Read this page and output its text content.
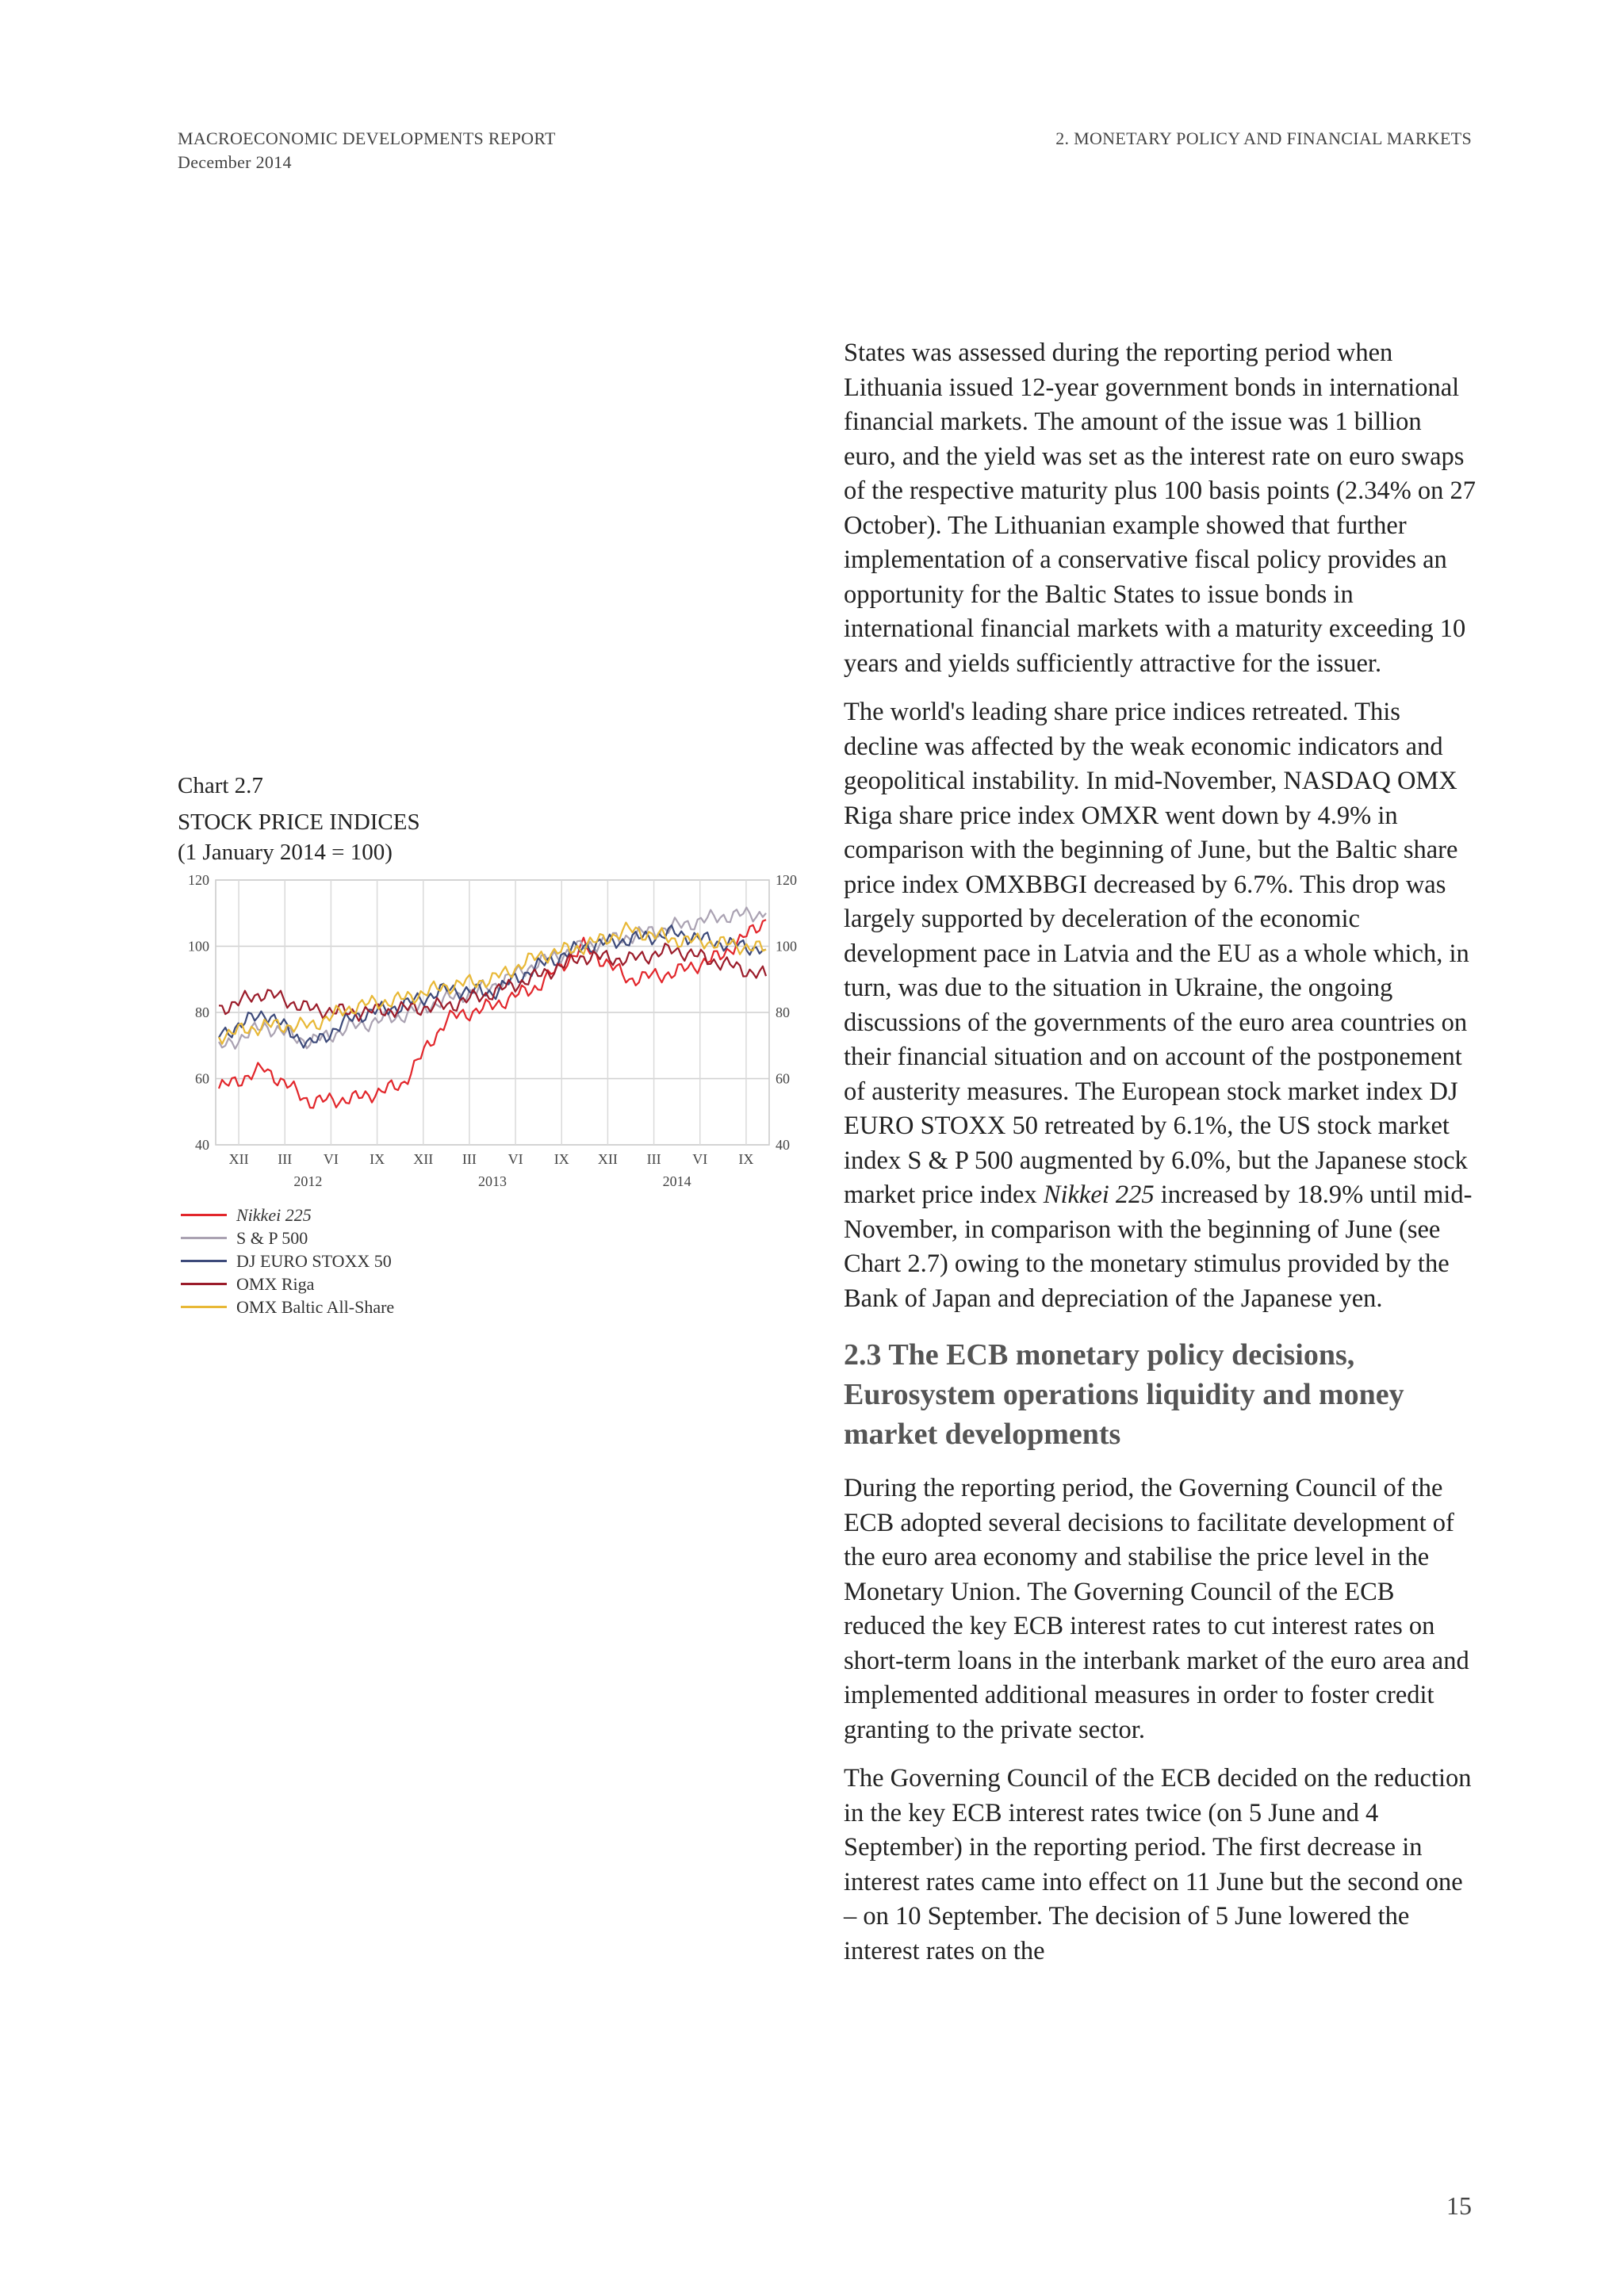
MACROECONOMIC DEVELOPMENTS REPORT
December 2014
2. MONETARY POLICY AND FINANCIAL MARKETS
Chart 2.7
STOCK PRICE INDICES
(1 January 2014 = 100)
40	40
60	60
80	80
100	100
120	120
XII III VI IX XII III VI IX XII III VI IX
2012	2013	2014
Nikkei 225
S & P 500
DJ EURO STOXX 50
OMX Riga
OMX Baltic All-Share

States was assessed during the reporting period when Lithuania issued 12-year government bonds in international financial markets. The amount of the issue was 1 billion euro, and the yield was set as the interest rate on euro swaps of the respective maturity plus 100 basis points (2.34% on 27 October). The Lithuanian example showed that further implementation of a conservative fiscal policy provides an opportunity for the Baltic States to issue bonds in international financial markets with a maturity exceeding 10 years and yields sufficiently attractive for the issuer.

The world's leading share price indices retreated. This decline was affected by the weak economic indicators and geopolitical instability. In mid-November, NASDAQ OMX Riga share price index OMXR went down by 4.9% in comparison with the beginning of June, but the Baltic share price index OMXBBGI decreased by 6.7%. This drop was largely supported by deceleration of the economic development pace in Latvia and the EU as a whole which, in turn, was due to the situation in Ukraine, the ongoing discussions of the governments of the euro area countries on their financial situation and on account of the postponement of austerity measures. The European stock market index DJ EURO STOXX 50 retreated by 6.1%, the US stock market index S & P 500 augmented by 6.0%, but the Japanese stock market price index Nikkei 225 increased by 18.9% until mid-November, in comparison with the beginning of June (see Chart 2.7) owing to the monetary stimulus provided by the Bank of Japan and depreciation of the Japanese yen.

2.3 The ECB monetary policy decisions, Eurosystem operations liquidity and money market developments

During the reporting period, the Governing Council of the ECB adopted several decisions to facilitate development of the euro area economy and stabilise the price level in the Monetary Union. The Governing Council of the ECB reduced the key ECB interest rates to cut interest rates on short-term loans in the interbank market of the euro area and implemented additional measures in order to foster credit granting to the private sector.

The Governing Council of the ECB decided on the reduction in the key ECB interest rates twice (on 5 June and 4 September) in the reporting period. The first decrease in interest rates came into effect on 11 June but the second one – on 10 September. The decision of 5 June lowered the interest rates on the

15
